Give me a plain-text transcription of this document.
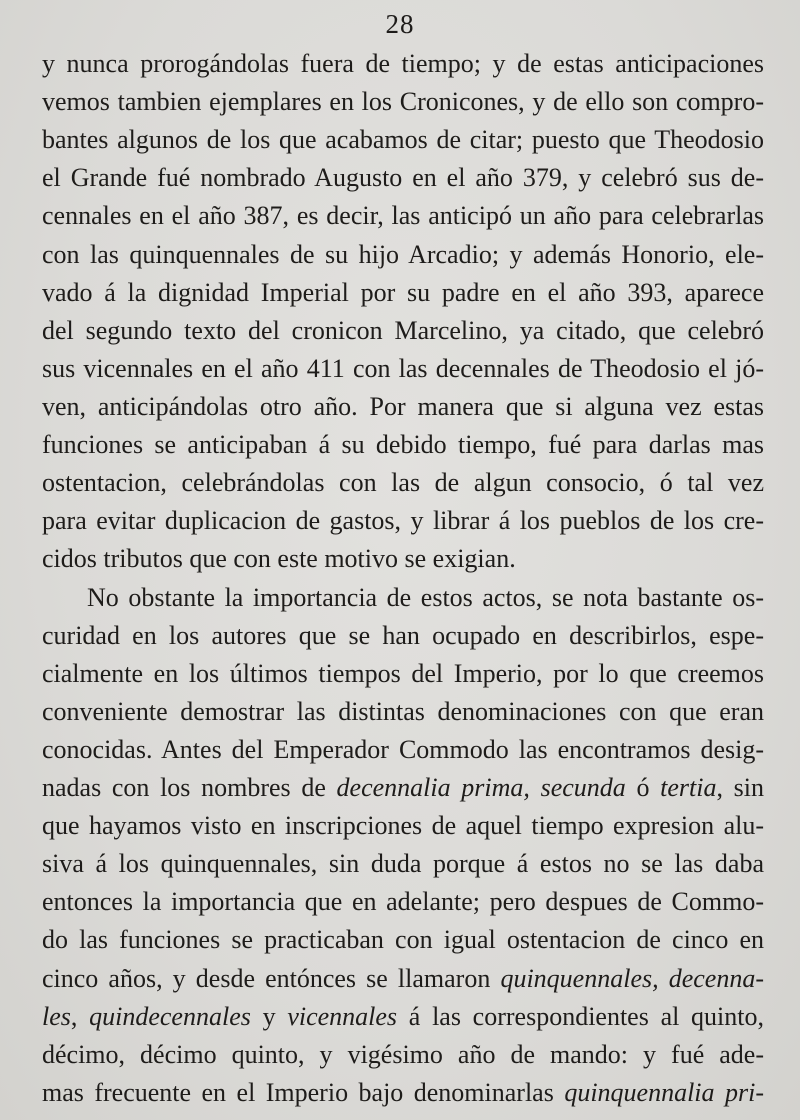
28
y nunca prorogándolas fuera de tiempo; y de estas anticipaciones
vemos tambien ejemplares en los Cronicones, y de ello son compro-
bantes algunos de los que acabamos de citar; puesto que Theodosio
el Grande fué nombrado Augusto en el año 379, y celebró sus de-
cennales en el año 387, es decir, las anticipó un año para celebrarlas
con las quinquennales de su hijo Arcadio; y además Honorio, ele-
vado á la dignidad Imperial por su padre en el año 393, aparece
del segundo texto del cronicon Marcelino, ya citado, que celebró
sus vicennales en el año 411 con las decennales de Theodosio el jó-
ven, anticipándolas otro año. Por manera que si alguna vez estas
funciones se anticipaban á su debido tiempo, fué para darlas mas
ostentacion, celebrándolas con las de algun consocio, ó tal vez
para evitar duplicacion de gastos, y librar á los pueblos de los cre-
cidos tributos que con este motivo se exigian.
No obstante la importancia de estos actos, se nota bastante os-
curidad en los autores que se han ocupado en describirlos, espe-
cialmente en los últimos tiempos del Imperio, por lo que creemos
conveniente demostrar las distintas denominaciones con que eran
conocidas. Antes del Emperador Commodo las encontramos desig-
nadas con los nombres de decennalia prima, secunda ó tertia, sin
que hayamos visto en inscripciones de aquel tiempo expresion alu-
siva á los quinquennales, sin duda porque á estos no se las daba
entonces la importancia que en adelante; pero despues de Commo-
do las funciones se practicaban con igual ostentacion de cinco en
cinco años, y desde entónces se llamaron quinquennales, decenna-
les, quindecennales y vicennales á las correspondientes al quinto,
décimo, décimo quinto, y vigésimo año de mando: y fué ade-
mas frecuente en el Imperio bajo denominarlas quinquennalia pri-
